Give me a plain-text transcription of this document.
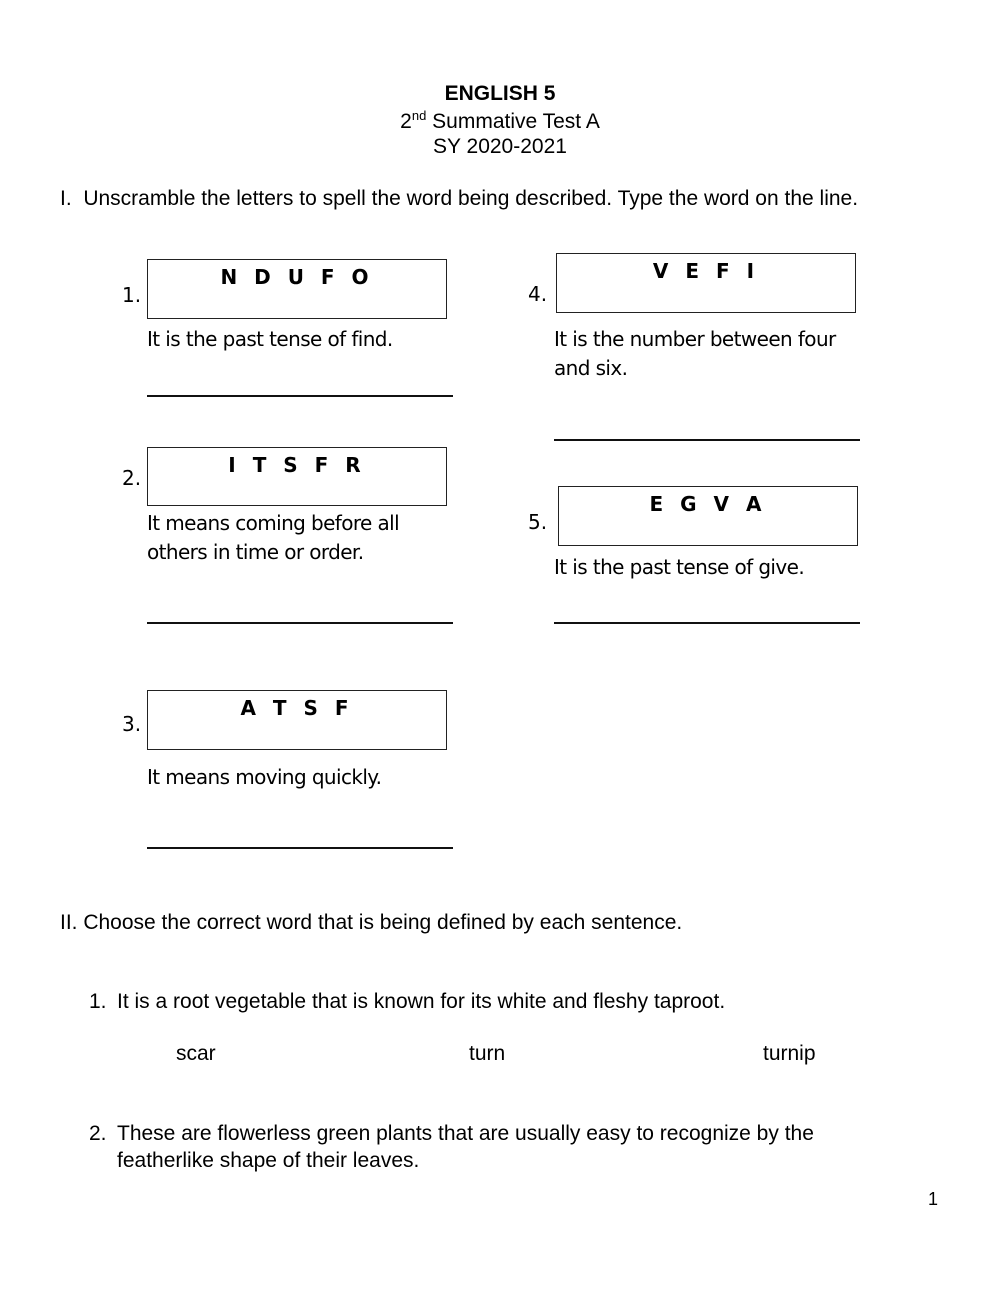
ENGLISH 5
2nd Summative Test A
SY 2020-2021
I.  Unscramble the letters to spell the word being described. Type the word on the line.
1.
N D U F O
It is the past tense of find.
2.
I T S F R
It means coming before all others in time or order.
3.
A T S F
It means moving quickly.
4.
V E F I
It is the number between four and six.
5.
E G V A
It is the past tense of give.
II. Choose the correct word that is being defined by each sentence.
1. It is a root vegetable that is known for its white and fleshy taproot.
scar	turn	turnip
2. These are flowerless green plants that are usually easy to recognize by the featherlike shape of their leaves.
1
